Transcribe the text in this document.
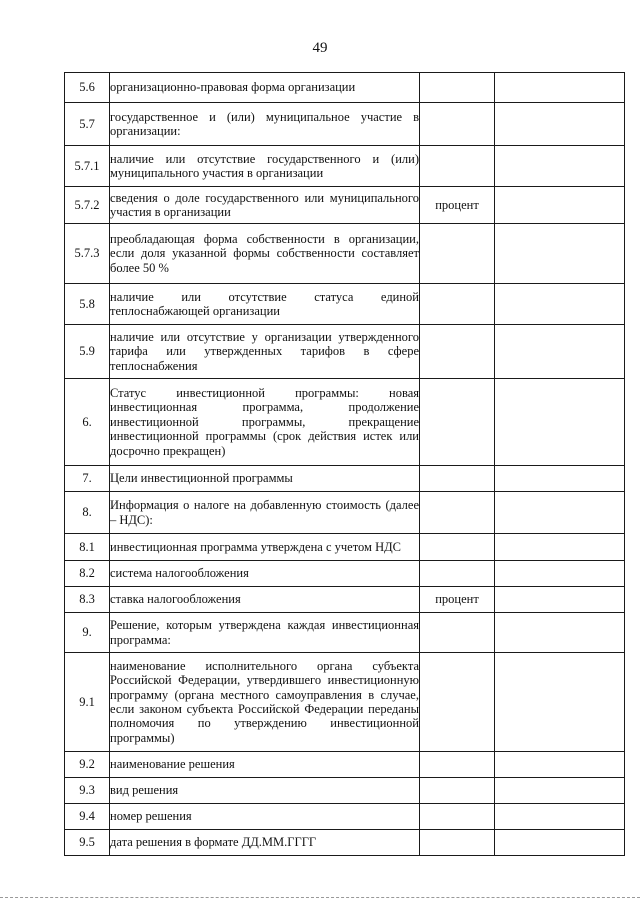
49
5.6	организационно-правовая форма организации		
5.7	государственное и (или) муниципальное участие в организации:		
5.7.1	наличие или отсутствие государственного и (или) муниципального участия в организации		
5.7.2	сведения о доле государственного или муниципального участия в организации	процент	
5.7.3	преобладающая форма собственности в организации, если доля указанной формы собственности составляет более 50 %		
5.8	наличие или отсутствие статуса единой теплоснабжающей организации		
5.9	наличие или отсутствие у организации утвержденного тарифа или утвержденных тарифов в сфере теплоснабжения		
6.	Статус инвестиционной программы: новая инвестиционная программа, продолжение инвестиционной программы, прекращение инвестиционной программы (срок действия истек или досрочно прекращен)		
7.	Цели инвестиционной программы		
8.	Информация о налоге на добавленную стоимость (далее – НДС):		
8.1	инвестиционная программа утверждена с учетом НДС		
8.2	система налогообложения		
8.3	ставка налогообложения	процент	
9.	Решение, которым утверждена каждая инвестиционная программа:		
9.1	наименование исполнительного органа субъекта Российской Федерации, утвердившего инвестиционную программу (органа местного самоуправления в случае, если законом субъекта Российской Федерации переданы полномочия по утверждению инвестиционной программы)		
9.2	наименование решения		
9.3	вид решения		
9.4	номер решения		
9.5	дата решения в формате ДД.ММ.ГГГГ		
